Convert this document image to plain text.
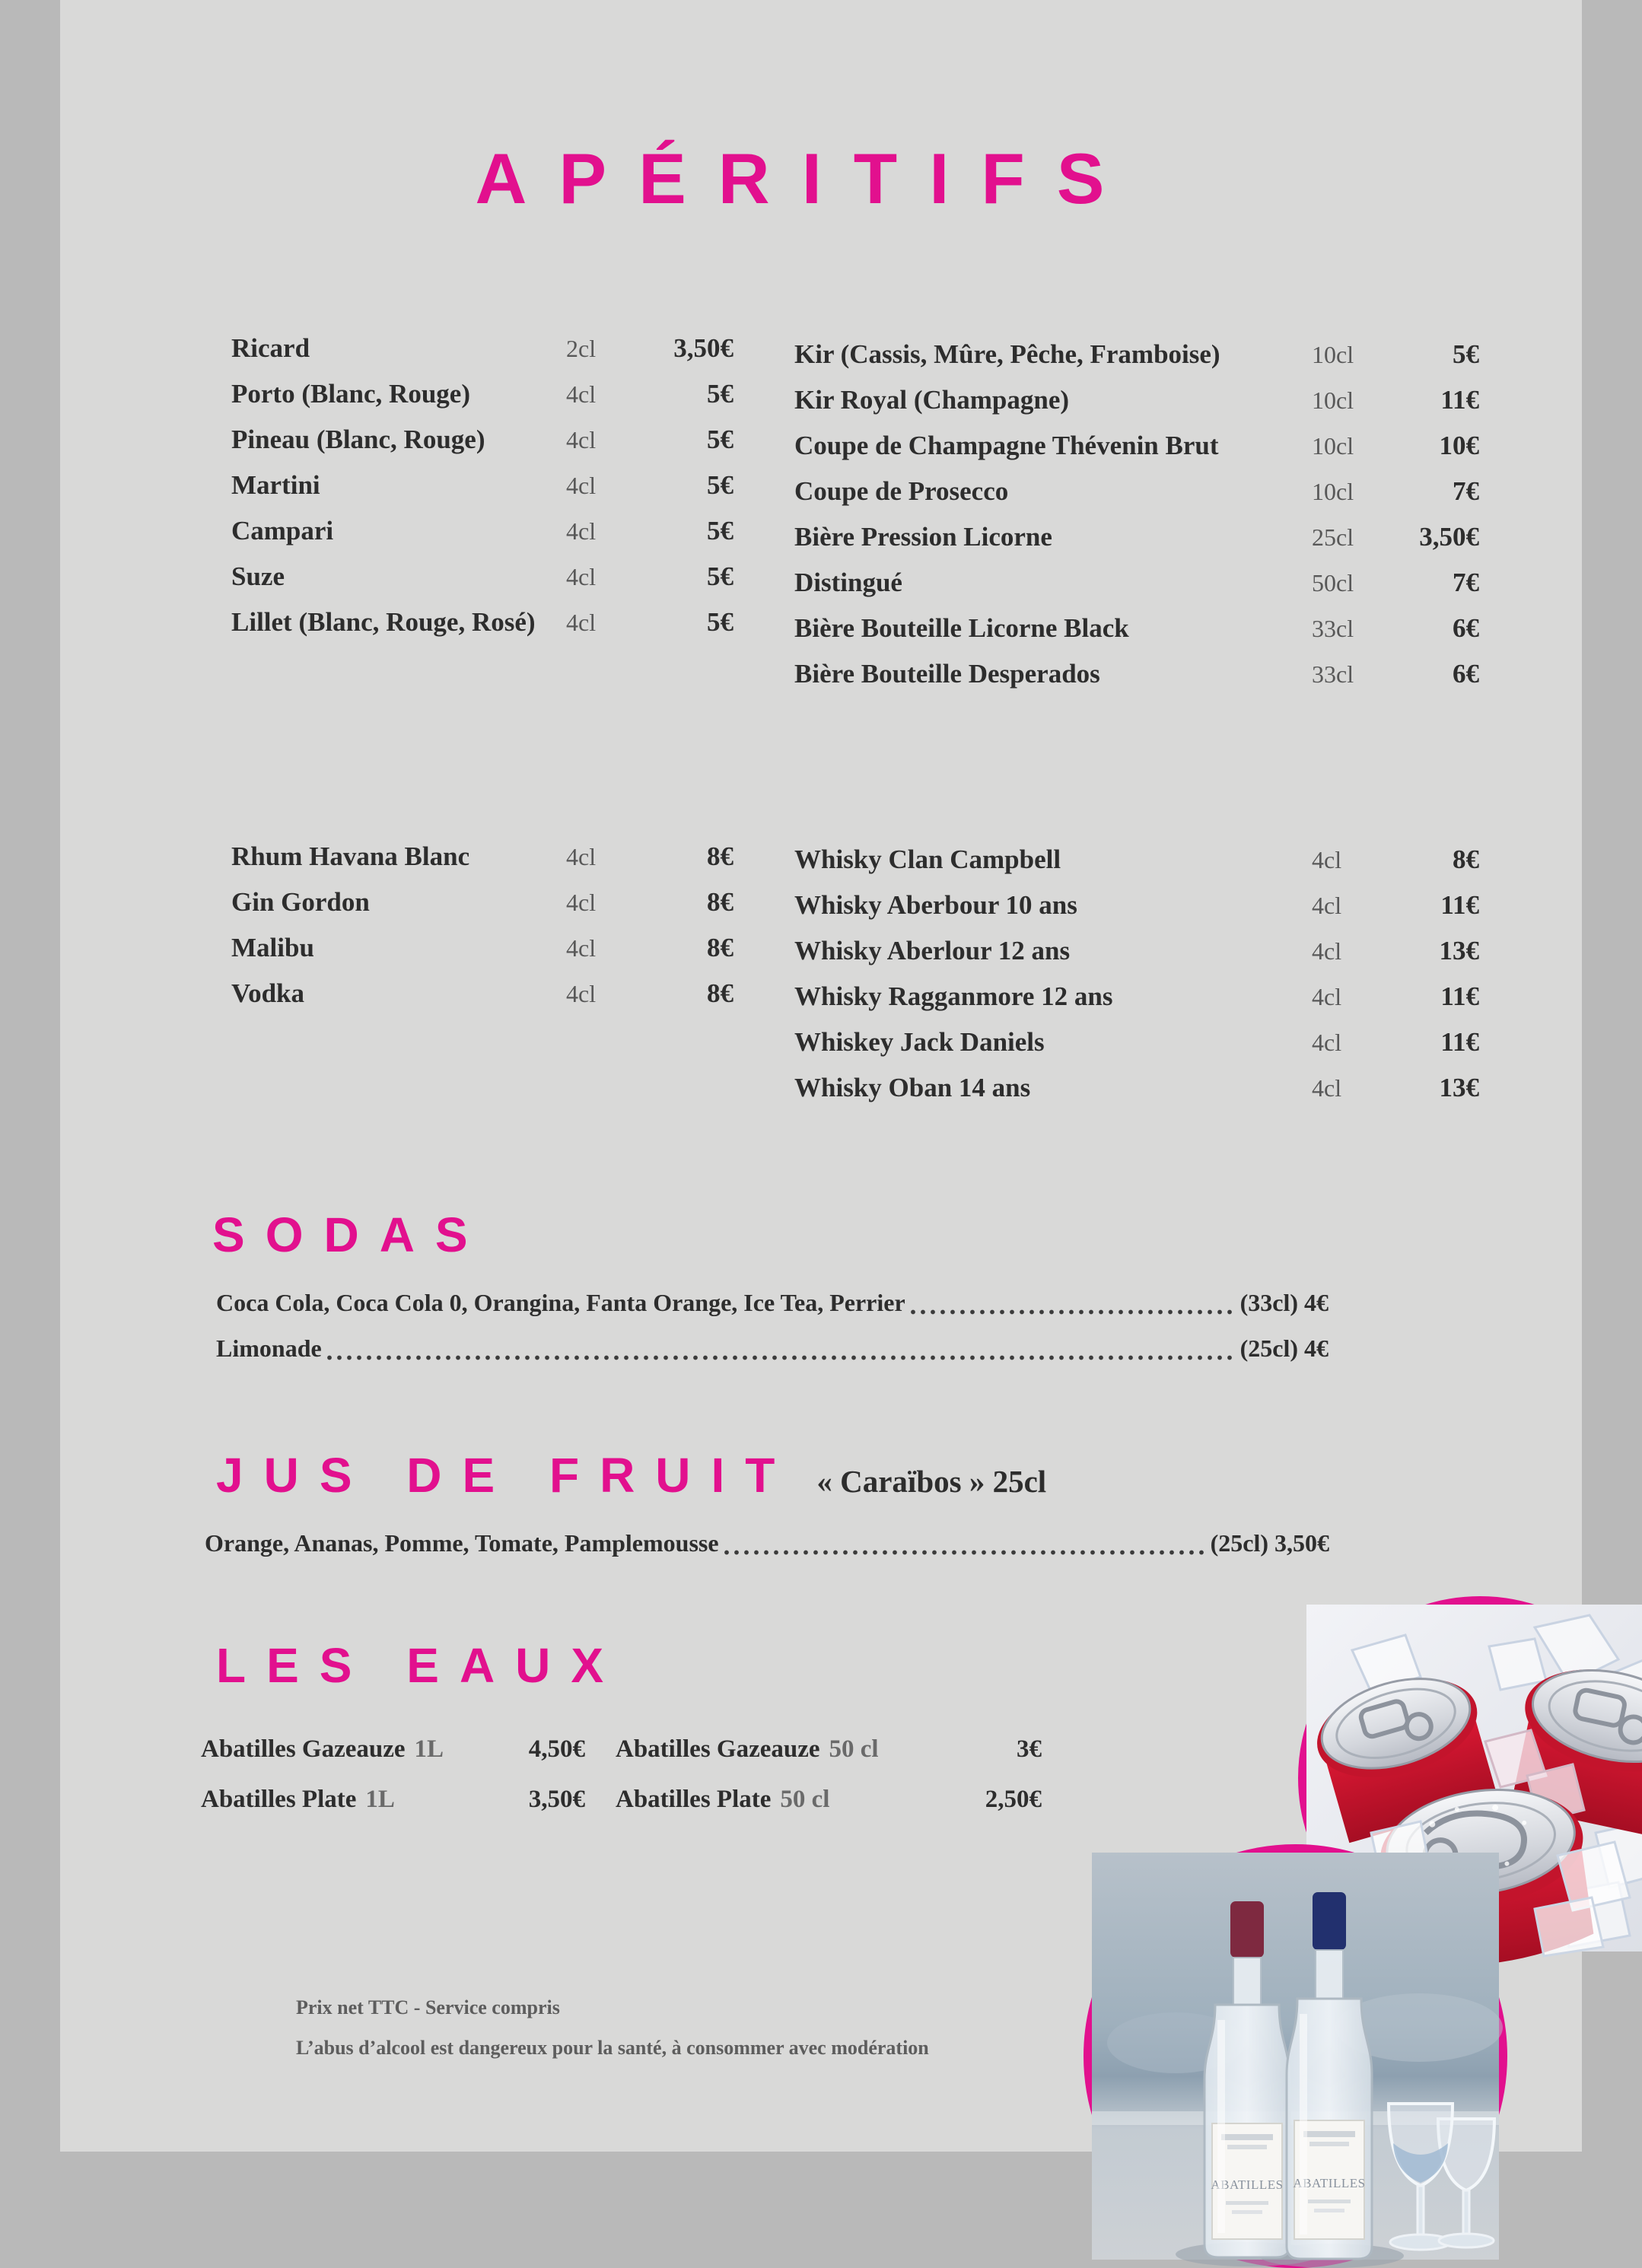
APÉRITIFS
Ricard	2cl	3,50€
Porto (Blanc, Rouge)	4cl	5€
Pineau (Blanc, Rouge)	4cl	5€
Martini	4cl	5€
Campari	4cl	5€
Suze	4cl	5€
Lillet (Blanc, Rouge, Rosé)	4cl	5€
Kir (Cassis, Mûre, Pêche, Framboise)	10cl	5€
Kir Royal (Champagne)	10cl	11€
Coupe de Champagne Thévenin Brut	10cl	10€
Coupe de Prosecco	10cl	7€
Bière Pression Licorne	25cl	3,50€
Distingué	50cl	7€
Bière Bouteille Licorne Black	33cl	6€
Bière Bouteille Desperados	33cl	6€
Rhum Havana Blanc	4cl	8€
Gin Gordon	4cl	8€
Malibu	4cl	8€
Vodka	4cl	8€
Whisky Clan Campbell	4cl	8€
Whisky Aberbour 10 ans	4cl	11€
Whisky Aberlour 12 ans	4cl	13€
Whisky Ragganmore 12 ans	4cl	11€
Whiskey Jack Daniels	4cl	11€
Whisky Oban 14 ans	4cl	13€
SODAS
Coca Cola, Coca Cola 0, Orangina, Fanta Orange, Ice Tea, Perrier	(33cl) 4€
Limonade	(25cl) 4€
JUS DE FRUIT « Caraïbos » 25cl
Orange, Ananas, Pomme, Tomate, Pamplemousse	(25cl) 3,50€
LES EAUX
Abatilles Gazeauze 1L	4,50€
Abatilles Plate 1L	3,50€
Abatilles Gazeauze 50 cl	3€
Abatilles Plate 50 cl	2,50€
Prix net TTC - Service compris
L’abus d’alcool est dangereux pour la santé, à consommer avec modération
ABATILLES ABATILLES
